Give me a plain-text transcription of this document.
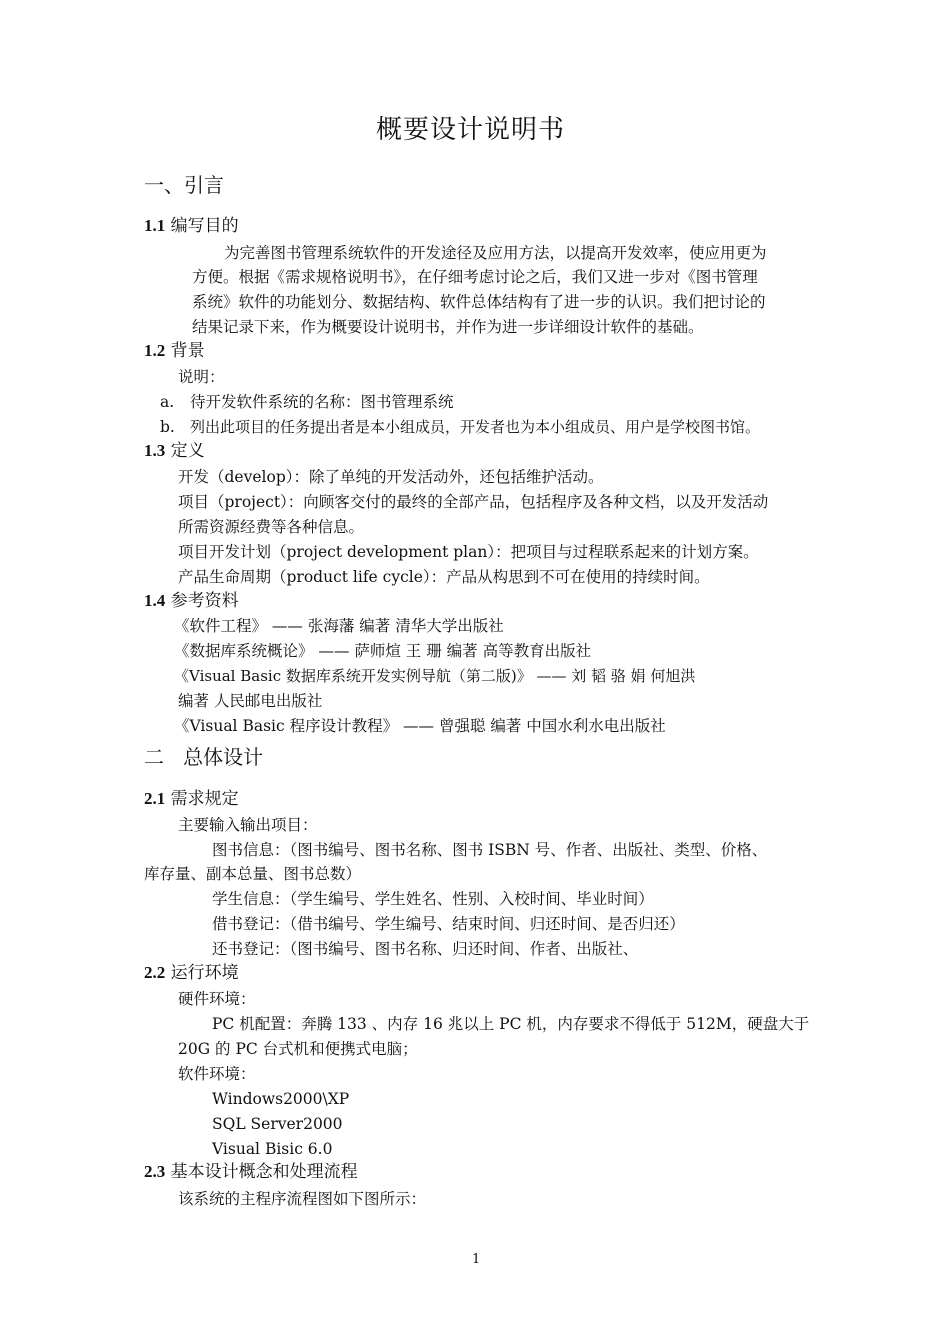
概要设计说明书
一、引言
1.1 编写目的
为完善图书管理系统软件的开发途径及应用方法，以提高开发效率，使应用更为
方便。根据《需求规格说明书》，在仔细考虑讨论之后，我们又进一步对《图书管理
系统》软件的功能划分、数据结构、软件总体结构有了进一步的认识。我们把讨论的
结果记录下来，作为概要设计说明书，并作为进一步详细设计软件的基础。
1.2 背景
说明：
a. 待开发软件系统的名称：图书管理系统
b. 列出此项目的任务提出者是本小组成员，开发者也为本小组成员、用户是学校图书馆。
1.3 定义
开发（develop）：除了单纯的开发活动外，还包括维护活动。
项目（project）：向顾客交付的最终的全部产品，包括程序及各种文档，以及开发活动
所需资源经费等各种信息。
项目开发计划（project development plan）：把项目与过程联系起来的计划方案。
产品生命周期（product life cycle）：产品从构思到不可在使用的持续时间。
1.4 参考资料
《软件工程》 —— 张海藩 编著 清华大学出版社
《数据库系统概论》 —— 萨师煊 王 珊 编著 高等教育出版社
《Visual Basic 数据库系统开发实例导航（第二版)》 —— 刘 韬 骆 娟 何旭洪
编著 人民邮电出版社
《Visual Basic 程序设计教程》 —— 曾强聪 编著 中国水利水电出版社
二   总体设计
2.1 需求规定
主要输入输出项目：
图书信息：（图书编号、图书名称、图书 ISBN 号、作者、出版社、类型、价格、
库存量、副本总量、图书总数）
学生信息：（学生编号、学生姓名、性别、入校时间、毕业时间）
借书登记：（借书编号、学生编号、结束时间、归还时间、是否归还）
还书登记：（图书编号、图书名称、归还时间、作者、出版社、
2.2 运行环境
硬件环境：
PC 机配置：奔腾 133 、内存 16 兆以上 PC 机，内存要求不得低于 512M，硬盘大于
20G 的 PC 台式机和便携式电脑；
软件环境：
Windows2000\XP
SQL Server2000
Visual Bisic 6.0
2.3 基本设计概念和处理流程
该系统的主程序流程图如下图所示：
1
